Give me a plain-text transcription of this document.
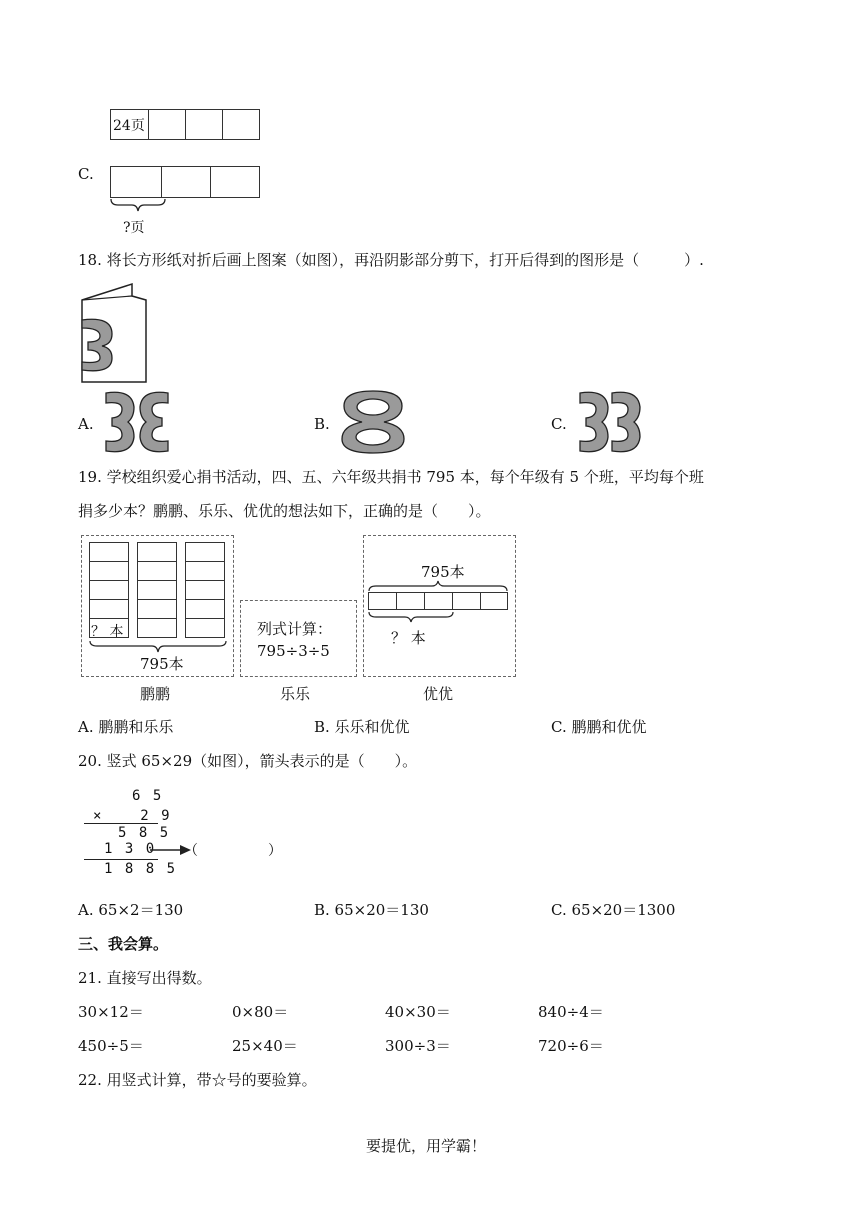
24页
C.
?页
18. 将长方形纸对折后画上图案（如图），再沿阴影部分剪下，打开后得到的图形是（　　　）.
A.	B.	C.
19. 学校组织爱心捐书活动，四、五、六年级共捐书 795 本，每个年级有 5 个班，平均每个班
捐多少本？鹏鹏、乐乐、优优的想法如下，正确的是（　　）。
？ 本
795本
鹏鹏
列式计算：
795÷3÷5
乐乐
795本
？ 本
优优
A. 鹏鹏和乐乐	B. 乐乐和优优	C. 鹏鹏和优优
20. 竖式 65×29（如图），箭头表示的是（　　）。
6 5
× 　 2 9
5 8 5
1 3 0 （　　　　　）
1 8 8 5
A. 65×2＝130	B. 65×20＝130	C. 65×20＝1300
三、我会算。
21. 直接写出得数。
30×12＝	0×80＝	40×30＝	840÷4＝
450÷5＝	25×40＝	300÷3＝	720÷6＝
22. 用竖式计算，带☆号的要验算。
要提优，用学霸！
